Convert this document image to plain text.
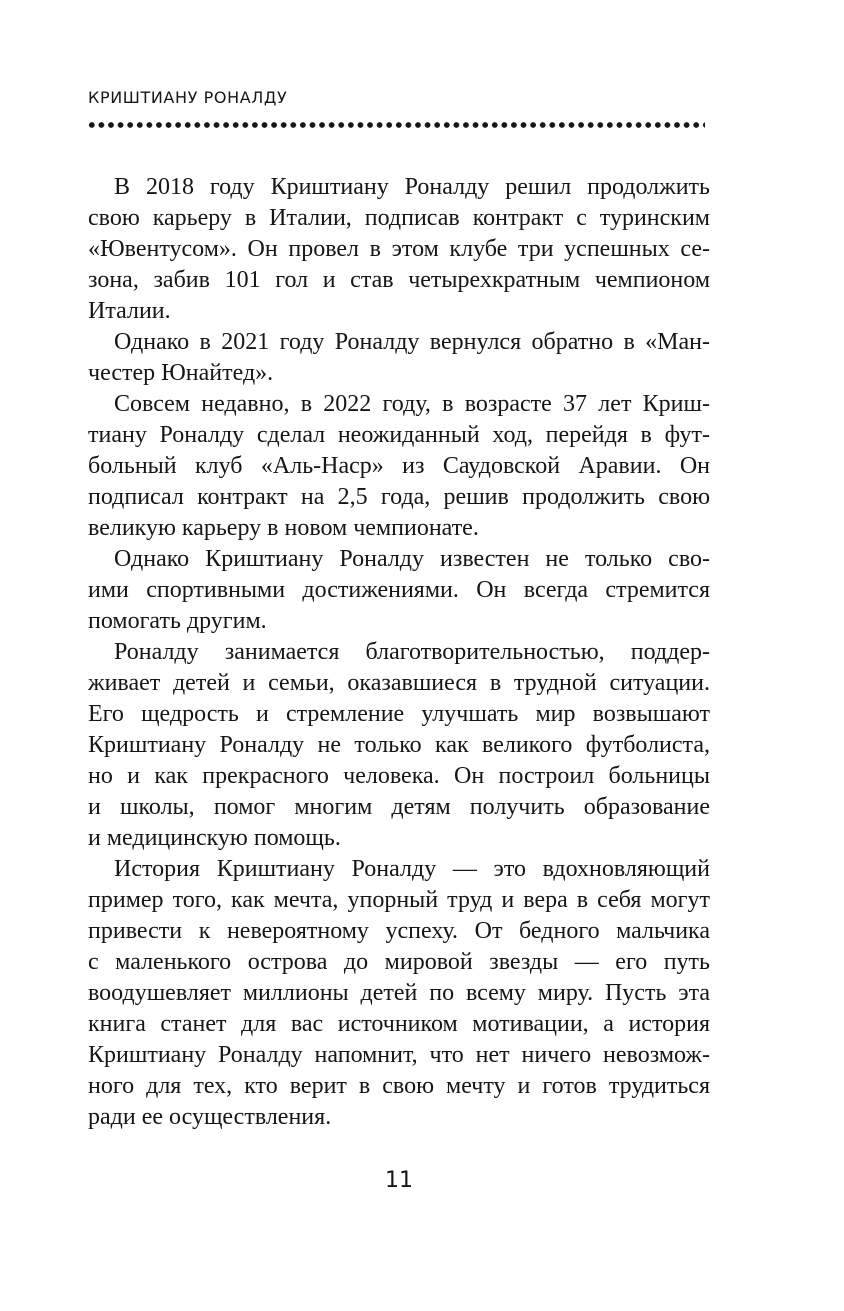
КРИШТИАНУ РОНАЛДУ
В 2018 году Криштиану Роналду решил продолжить
свою карьеру в Италии, подписав контракт с туринским
«Ювентусом». Он провел в этом клубе три успешных се-
зона, забив 101 гол и став четырехкратным чемпионом
Италии.
Однако в 2021 году Роналду вернулся обратно в «Ман-
честер Юнайтед».
Совсем недавно, в 2022 году, в возрасте 37 лет Криш-
тиану Роналду сделал неожиданный ход, перейдя в фут-
больный клуб «Аль-Наср» из Саудовской Аравии. Он
подписал контракт на 2,5 года, решив продолжить свою
великую карьеру в новом чемпионате.
Однако Криштиану Роналду известен не только сво-
ими спортивными достижениями. Он всегда стремится
помогать другим.
Роналду занимается благотворительностью, поддер-
живает детей и семьи, оказавшиеся в трудной ситуации.
Его щедрость и стремление улучшать мир возвышают
Криштиану Роналду не только как великого футболиста,
но и как прекрасного человека. Он построил больницы
и школы, помог многим детям получить образование
и медицинскую помощь.
История Криштиану Роналду — это вдохновляющий
пример того, как мечта, упорный труд и вера в себя могут
привести к невероятному успеху. От бедного мальчика
с маленького острова до мировой звезды — его путь
воодушевляет миллионы детей по всему миру. Пусть эта
книга станет для вас источником мотивации, а история
Криштиану Роналду напомнит, что нет ничего невозмож-
ного для тех, кто верит в свою мечту и готов трудиться
ради ее осуществления.
11
